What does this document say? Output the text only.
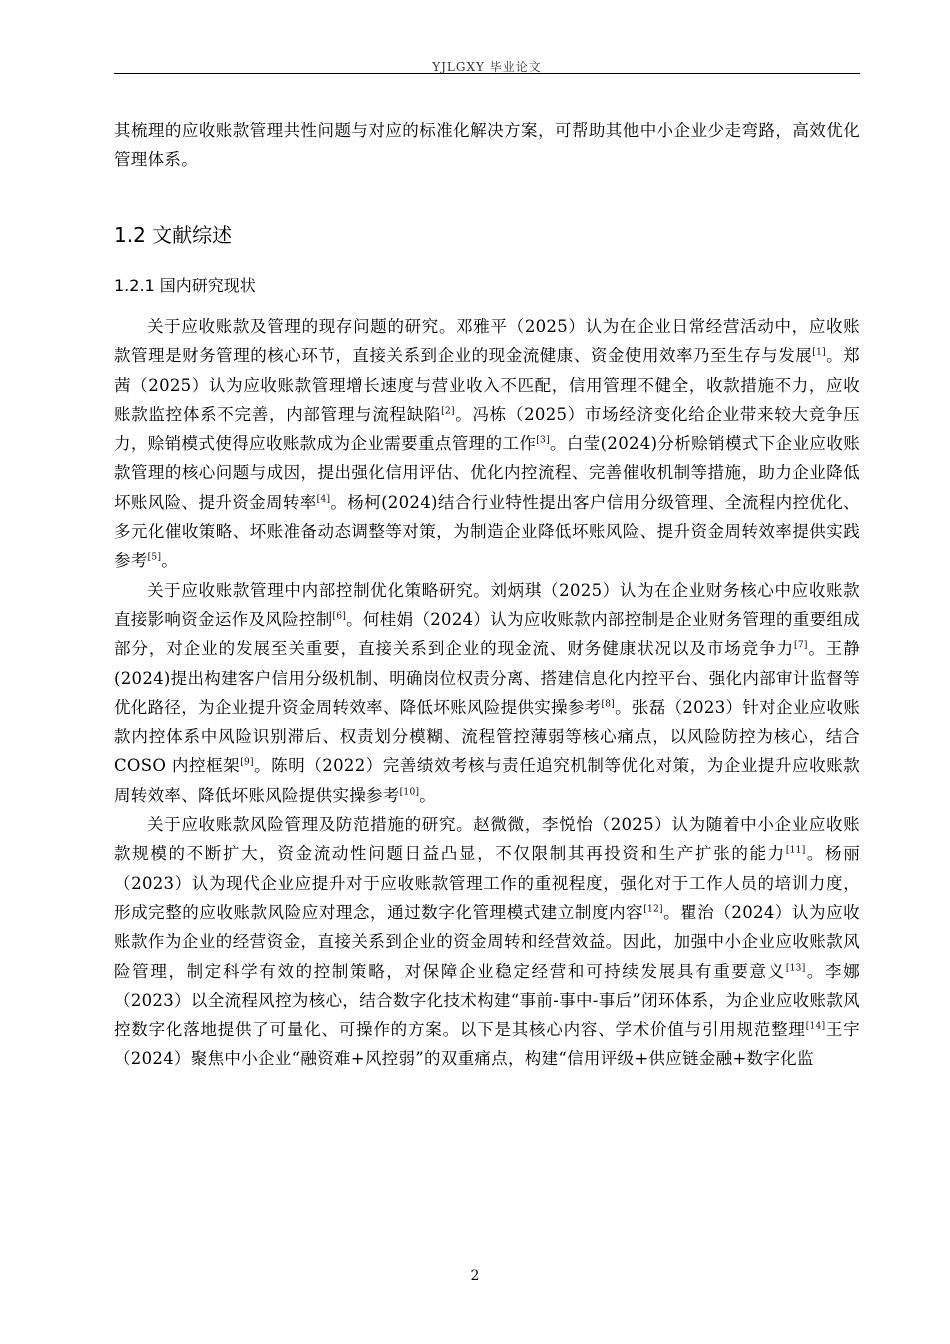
YJLGXY 毕业论文
其梳理的应收账款管理共性问题与对应的标准化解决方案，可帮助其他中小企业少走弯路，高效优化管理体系。
1.2 文献综述
1.2.1 国内研究现状

关于应收账款及管理的现存问题的研究。邓雅平（2025）认为在企业日常经营活动中，应收账款管理是财务管理的核心环节，直接关系到企业的现金流健康、资金使用效率乃至生存与发展[1]。郑茜（2025）认为应收账款管理增长速度与营业收入不匹配，信用管理不健全，收款措施不力，应收账款监控体系不完善，内部管理与流程缺陷[2]。冯栋（2025）市场经济变化给企业带来较大竞争压力，赊销模式使得应收账款成为企业需要重点管理的工作[3]。白莹(2024)分析赊销模式下企业应收账款管理的核心问题与成因，提出强化信用评估、优化内控流程、完善催收机制等措施，助力企业降低坏账风险、提升资金周转率[4]。杨柯(2024)结合行业特性提出客户信用分级管理、全流程内控优化、多元化催收策略、坏账准备动态调整等对策，为制造企业降低坏账风险、提升资金周转效率提供实践参考[5]。

关于应收账款管理中内部控制优化策略研究。刘炳琪（2025）认为在企业财务核心中应收账款直接影响资金运作及风险控制[6]。何桂娟（2024）认为应收账款内部控制是企业财务管理的重要组成部分，对企业的发展至关重要，直接关系到企业的现金流、财务健康状况以及市场竞争力[7]。王静(2024)提出构建客户信用分级机制、明确岗位权责分离、搭建信息化内控平台、强化内部审计监督等优化路径，为企业提升资金周转效率、降低坏账风险提供实操参考[8]。张磊（2023）针对企业应收账款内控体系中风险识别滞后、权责划分模糊、流程管控薄弱等核心痛点，以风险防控为核心，结合 COSO 内控框架[9]。陈明（2022）完善绩效考核与责任追究机制等优化对策，为企业提升应收账款周转效率、降低坏账风险提供实操参考[10]。

关于应收账款风险管理及防范措施的研究。赵微微，李悦怡（2025）认为随着中小企业应收账款规模的不断扩大，资金流动性问题日益凸显，不仅限制其再投资和生产扩张的能力[11]。杨丽（2023）认为现代企业应提升对于应收账款管理工作的重视程度，强化对于工作人员的培训力度，形成完整的应收账款风险应对理念，通过数字化管理模式建立制度内容[12]。瞿治（2024）认为应收账款作为企业的经营资金，直接关系到企业的资金周转和经营效益。因此，加强中小企业应收账款风险管理，制定科学有效的控制策略，对保障企业稳定经营和可持续发展具有重要意义[13]。李娜（2023）以全流程风控为核心，结合数字化技术构建“事前-事中-事后”闭环体系，为企业应收账款风控数字化落地提供了可量化、可操作的方案。以下是其核心内容、学术价值与引用规范整理[14]王宇（2024）聚焦中小企业“融资难+风控弱”的双重痛点，构建“信用评级+供应链金融+数字化监

2
